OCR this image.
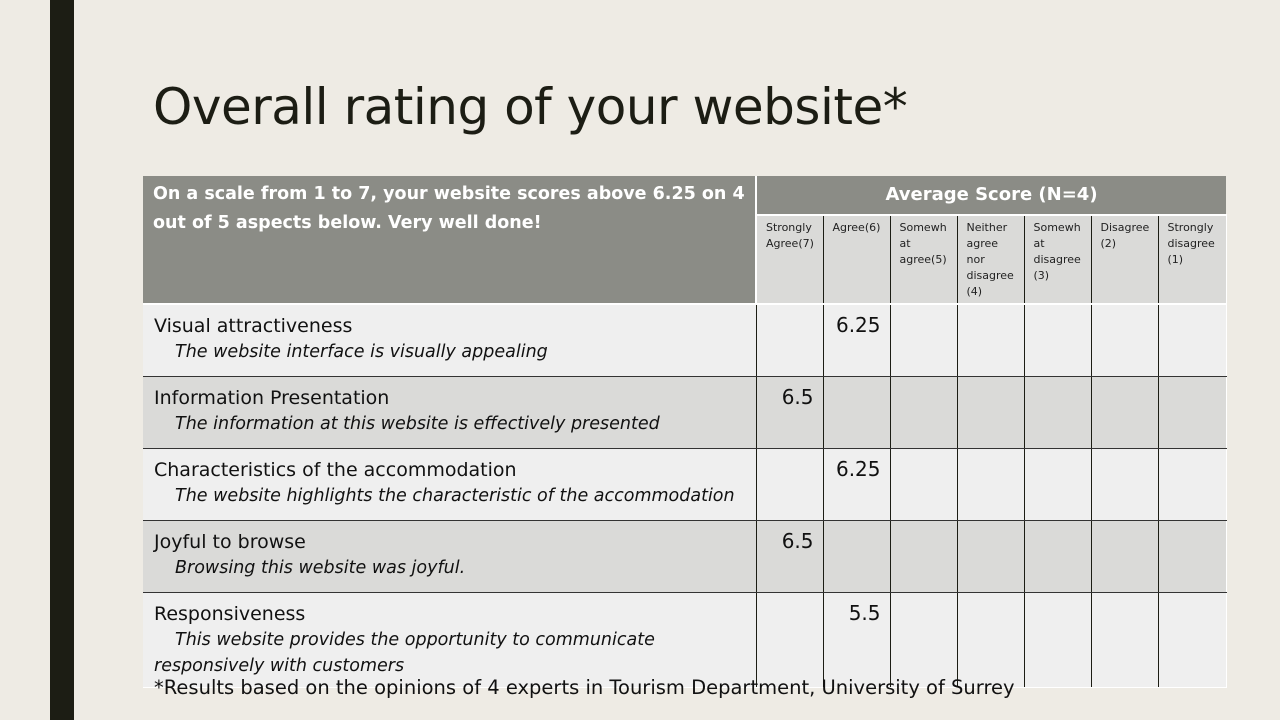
Overall rating of your website*
On a scale from 1 to 7, your website scores above 6.25 on 4 out of 5 aspects below. Very well done!	Average Score (N=4)						
	Strongly Agree(7)	Agree(6)	Somewh at agree(5)	Neither agree nor disagree (4)	Somewh at disagree (3)	Disagree (2)	Strongly disagree (1)

Visual attractiveness
The website interface is visually appealing		6.25					

Information Presentation
The information at this website is effectively presented	6.5						

Characteristics of the accommodation
The website highlights the characteristic of the accommodation		6.25					

Joyful to browse
Browsing this website was joyful.	6.5						

Responsiveness
This website provides the opportunity to communicate responsively with customers		5.5					
*Results based on the opinions of 4 experts in Tourism Department, University of Surrey
